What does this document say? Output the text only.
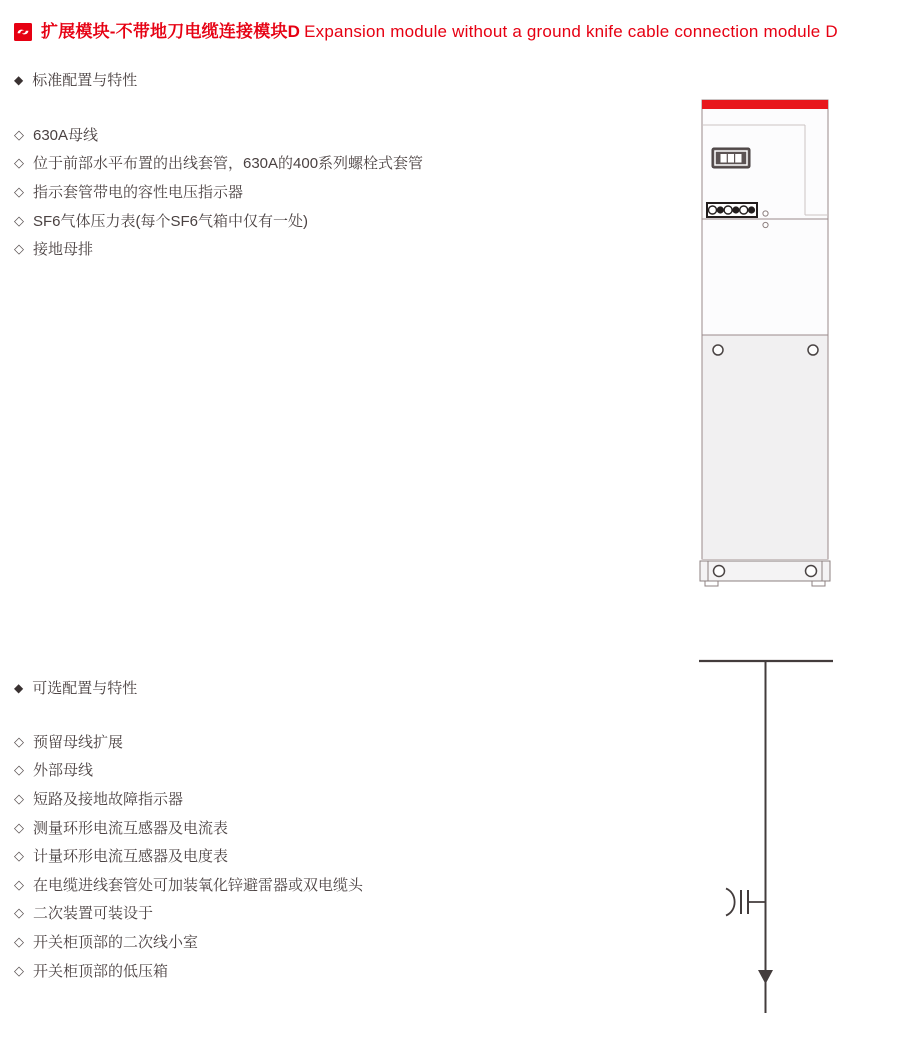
扩展模块-不带地刀电缆连接模块D Expansion module without a ground knife cable connection module D
◆ 标准配置与特性
◇ 630A母线
◇ 位于前部水平布置的出线套管，630A的400系列螺栓式套管
◇ 指示套管带电的容性电压指示器
◇ SF6气体压力表(每个SF6气箱中仅有一处)
◇ 接地母排
◆ 可选配置与特性
◇ 预留母线扩展
◇ 外部母线
◇ 短路及接地故障指示器
◇ 测量环形电流互感器及电流表
◇ 计量环形电流互感器及电度表
◇ 在电缆进线套管处可加装氧化锌避雷器或双电缆头
◇ 二次装置可装设于
◇ 开关柜顶部的二次线小室
◇ 开关柜顶部的低压箱
